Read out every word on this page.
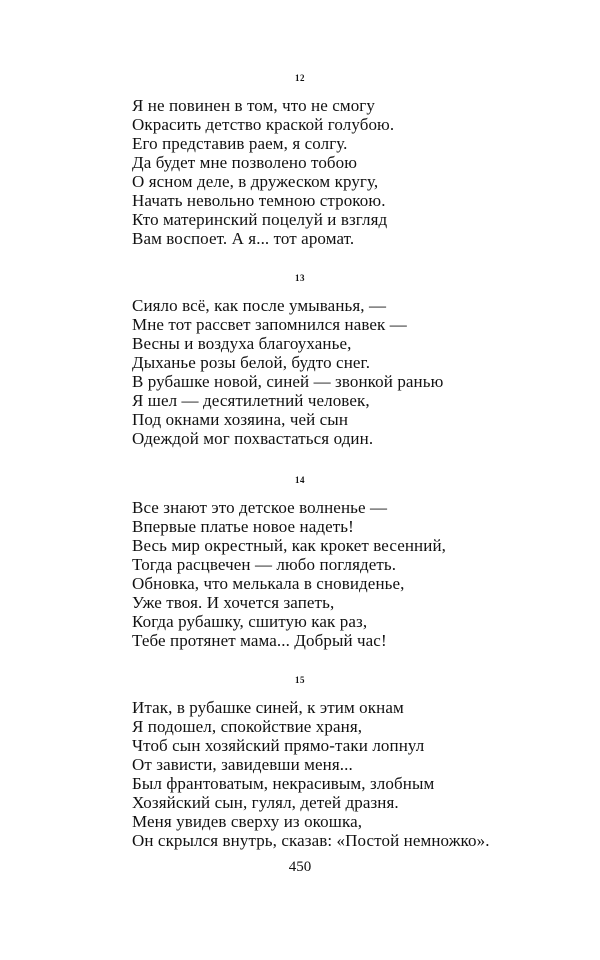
12
Я не повинен в том, что не смогу
Окрасить детство краской голубою.
Его представив раем, я солгу.
Да будет мне позволено тобою
О ясном деле, в дружеском кругу,
Начать невольно темною строкою.
Кто материнский поцелуй и взгляд
Вам воспоет. А я... тот аромат.
13
Сияло всё, как после умыванья, —
Мне тот рассвет запомнился навек —
Весны и воздуха благоуханье,
Дыханье розы белой, будто снег.
В рубашке новой, синей — звонкой ранью
Я шел — десятилетний человек,
Под окнами хозяина, чей сын
Одеждой мог похвастаться один.
14
Все знают это детское волненье —
Впервые платье новое надеть!
Весь мир окрестный, как крокет весенний,
Тогда расцвечен — любо поглядеть.
Обновка, что мелькала в сновиденье,
Уже твоя. И хочется запеть,
Когда рубашку, сшитую как раз,
Тебе протянет мама... Добрый час!
15
Итак, в рубашке синей, к этим окнам
Я подошел, спокойствие храня,
Чтоб сын хозяйский прямо-таки лопнул
От зависти, завидевши меня...
Был франтоватым, некрасивым, злобным
Хозяйский сын, гулял, детей дразня.
Меня увидев сверху из окошка,
Он скрылся внутрь, сказав: «Постой немножко».
450
